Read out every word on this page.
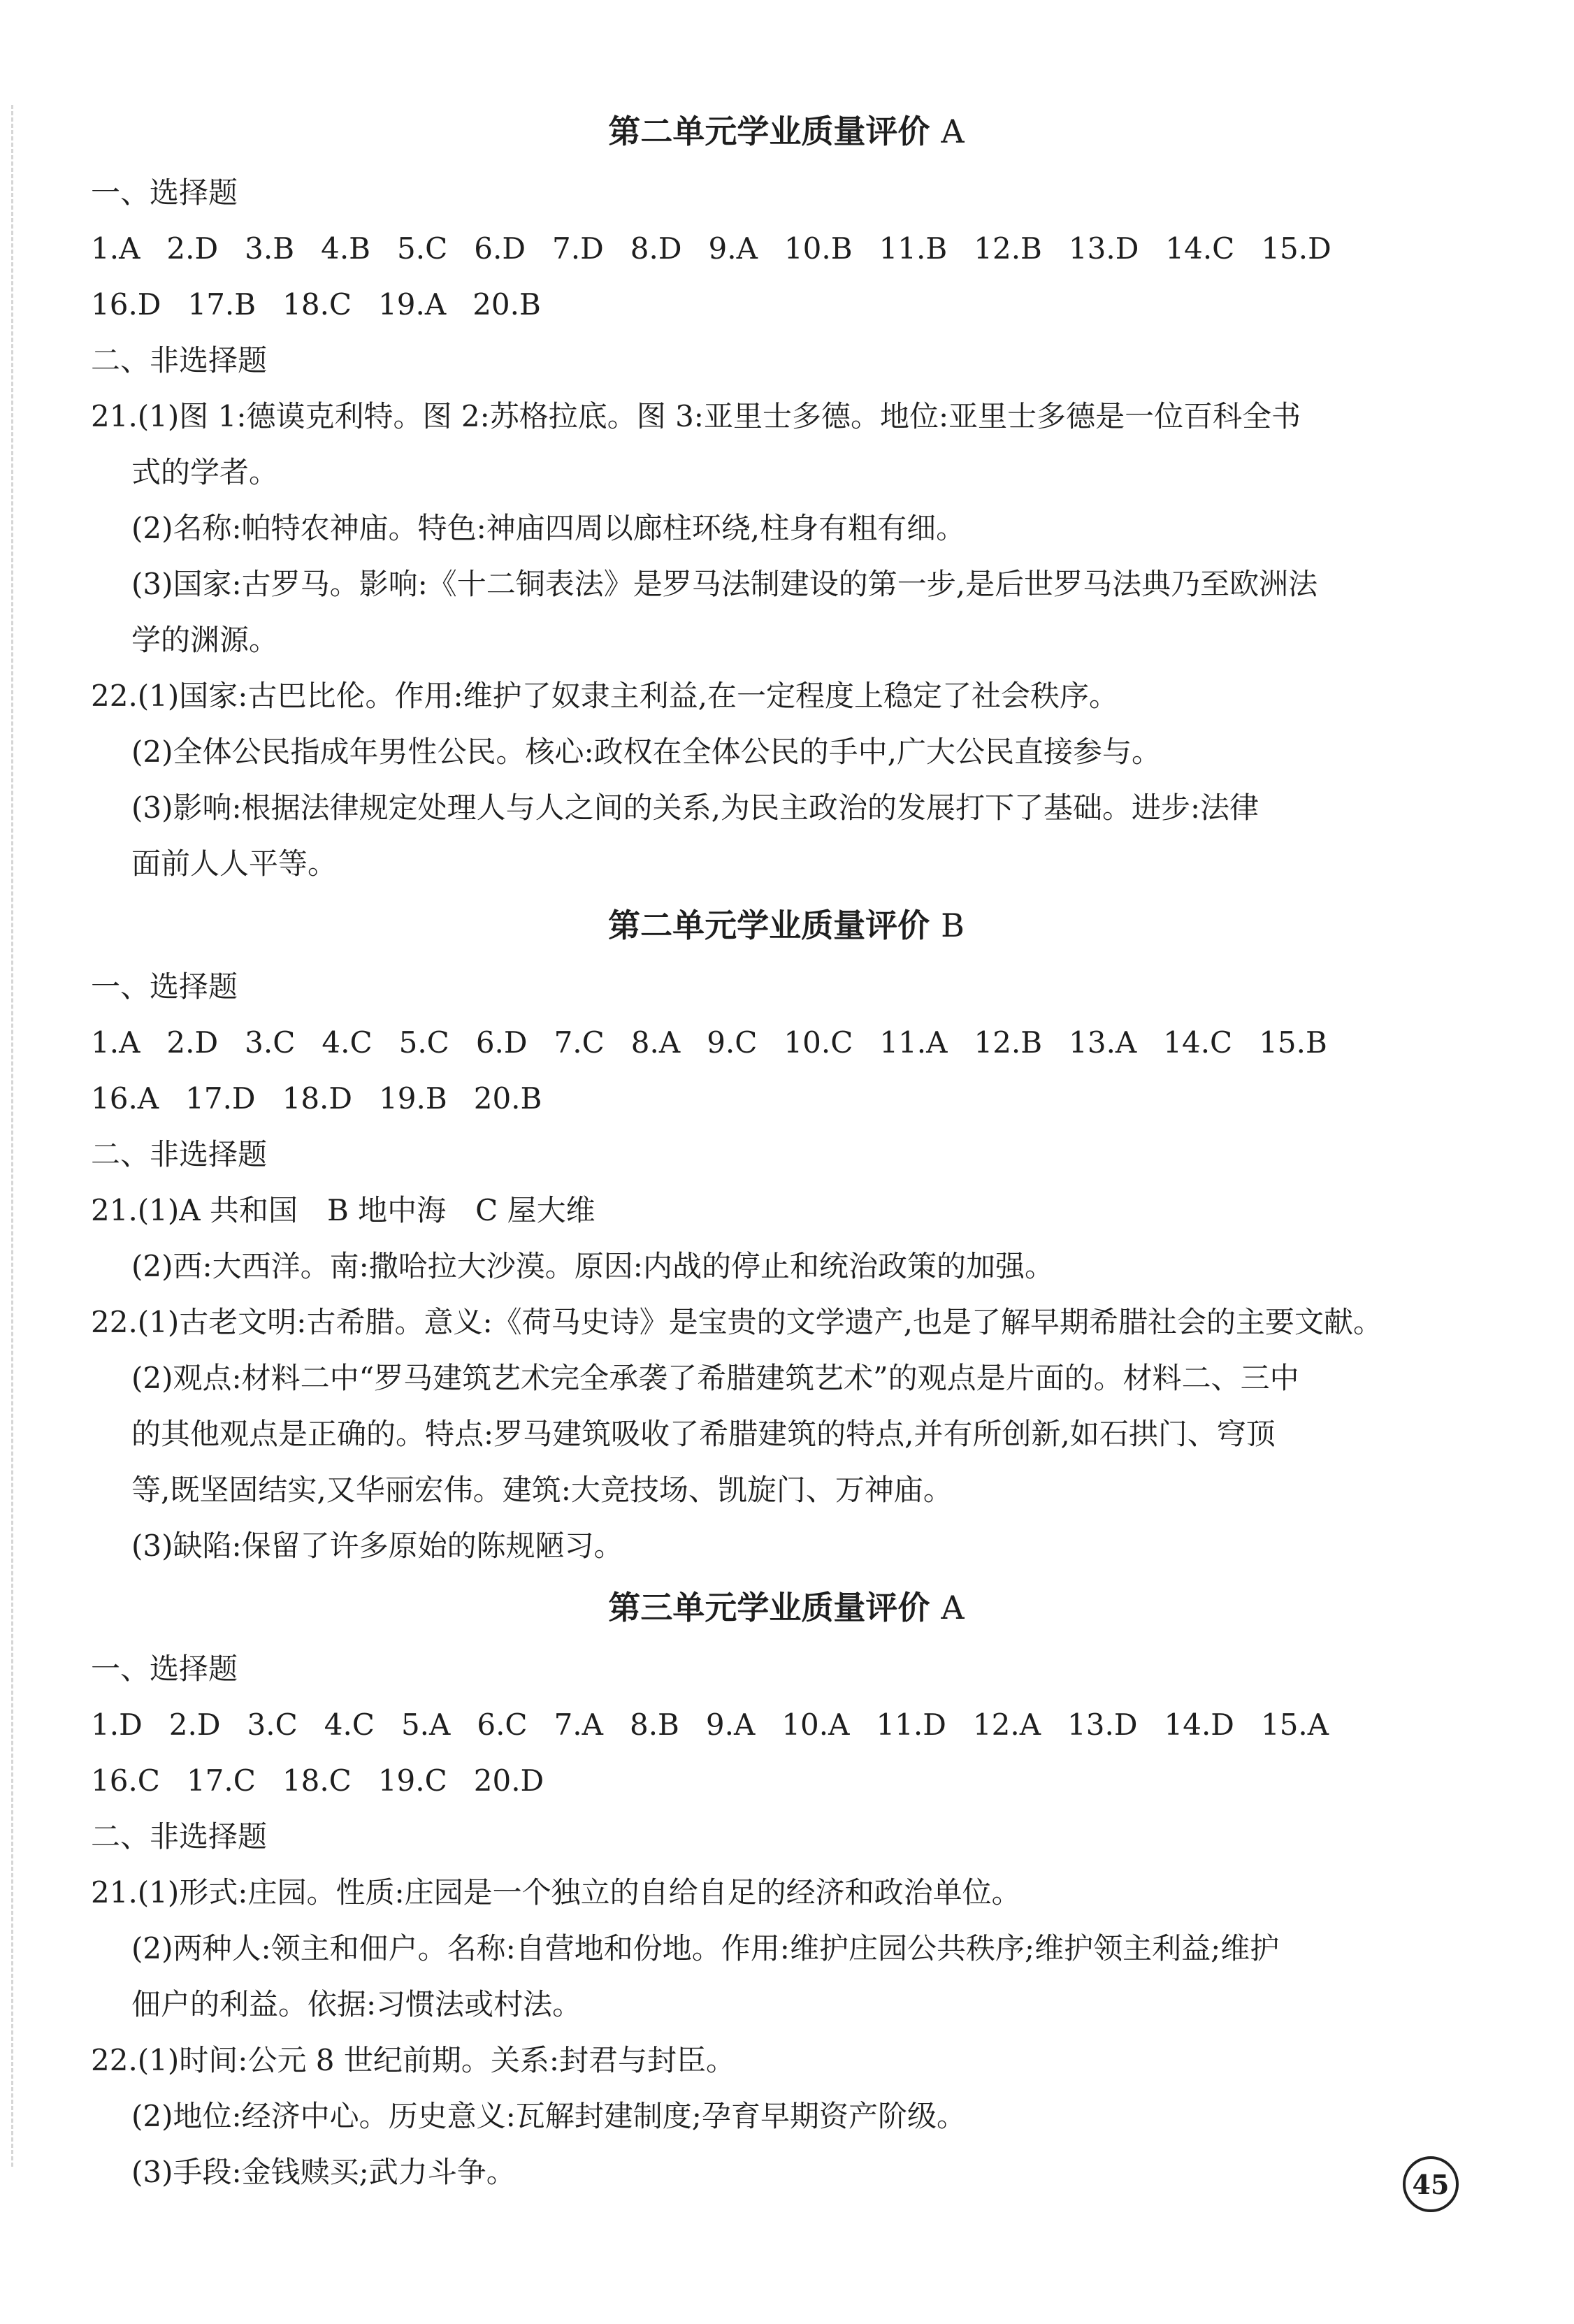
第二单元学业质量评价 A
一、选择题
1.A 2.D 3.B 4.B 5.C 6.D 7.D 8.D 9.A 10.B 11.B 12.B 13.D 14.C 15.D
16.D 17.B 18.C 19.A 20.B
二、非选择题
21.(1)图 1:德谟克利特。图 2:苏格拉底。图 3:亚里士多德。地位:亚里士多德是一位百科全书
式的学者。
(2)名称:帕特农神庙。特色:神庙四周以廊柱环绕,柱身有粗有细。
(3)国家:古罗马。影响:《十二铜表法》是罗马法制建设的第一步,是后世罗马法典乃至欧洲法
学的渊源。
22.(1)国家:古巴比伦。作用:维护了奴隶主利益,在一定程度上稳定了社会秩序。
(2)全体公民指成年男性公民。核心:政权在全体公民的手中,广大公民直接参与。
(3)影响:根据法律规定处理人与人之间的关系,为民主政治的发展打下了基础。进步:法律
面前人人平等。
第二单元学业质量评价 B
一、选择题
1.A 2.D 3.C 4.C 5.C 6.D 7.C 8.A 9.C 10.C 11.A 12.B 13.A 14.C 15.B
16.A 17.D 18.D 19.B 20.B
二、非选择题
21.(1)A 共和国　B 地中海　C 屋大维
(2)西:大西洋。南:撒哈拉大沙漠。原因:内战的停止和统治政策的加强。
22.(1)古老文明:古希腊。意义:《荷马史诗》是宝贵的文学遗产,也是了解早期希腊社会的主要文献。
(2)观点:材料二中“罗马建筑艺术完全承袭了希腊建筑艺术”的观点是片面的。材料二、三中
的其他观点是正确的。特点:罗马建筑吸收了希腊建筑的特点,并有所创新,如石拱门、穹顶
等,既坚固结实,又华丽宏伟。建筑:大竞技场、凯旋门、万神庙。
(3)缺陷:保留了许多原始的陈规陋习。
第三单元学业质量评价 A
一、选择题
1.D 2.D 3.C 4.C 5.A 6.C 7.A 8.B 9.A 10.A 11.D 12.A 13.D 14.D 15.A
16.C 17.C 18.C 19.C 20.D
二、非选择题
21.(1)形式:庄园。性质:庄园是一个独立的自给自足的经济和政治单位。
(2)两种人:领主和佃户。名称:自营地和份地。作用:维护庄园公共秩序;维护领主利益;维护
佃户的利益。依据:习惯法或村法。
22.(1)时间:公元 8 世纪前期。关系:封君与封臣。
(2)地位:经济中心。历史意义:瓦解封建制度;孕育早期资产阶级。
(3)手段:金钱赎买;武力斗争。	45
